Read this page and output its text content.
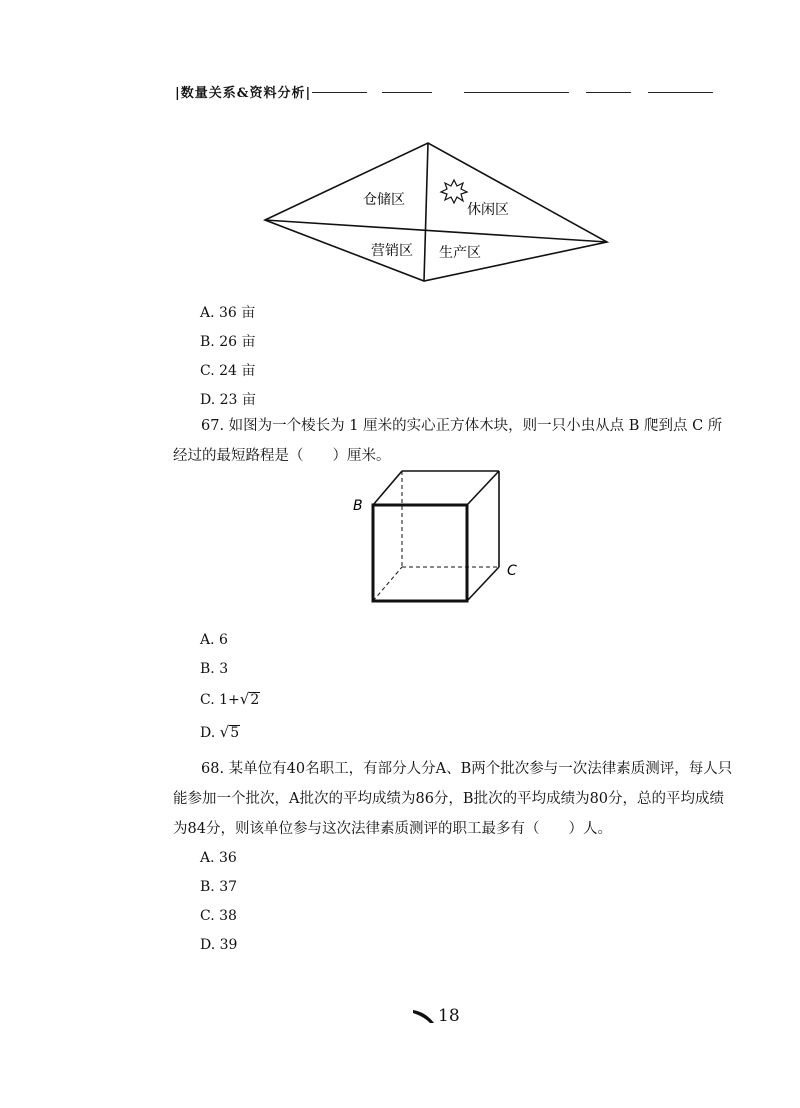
|数量关系&资料分析|
仓储区
休闲区
营销区 生产区
A. 36 亩
B. 26 亩
C. 24 亩
D. 23 亩
67. 如图为一个棱长为 1 厘米的实心正方体木块，则一只小虫从点 B 爬到点 C 所经过的最短路程是（　　）厘米。
B
C
A. 6
B. 3
C. 1+ √ 2
D. √ 5
68. 某单位有40名职工，有部分人分A、B两个批次参与一次法律素质测评，每人只能参加一个批次，A批次的平均成绩为86分，B批次的平均成绩为80分，总的平均成绩为84分，则该单位参与这次法律素质测评的职工最多有（　　）人。
A. 36
B. 37
C. 38
D. 39
18
